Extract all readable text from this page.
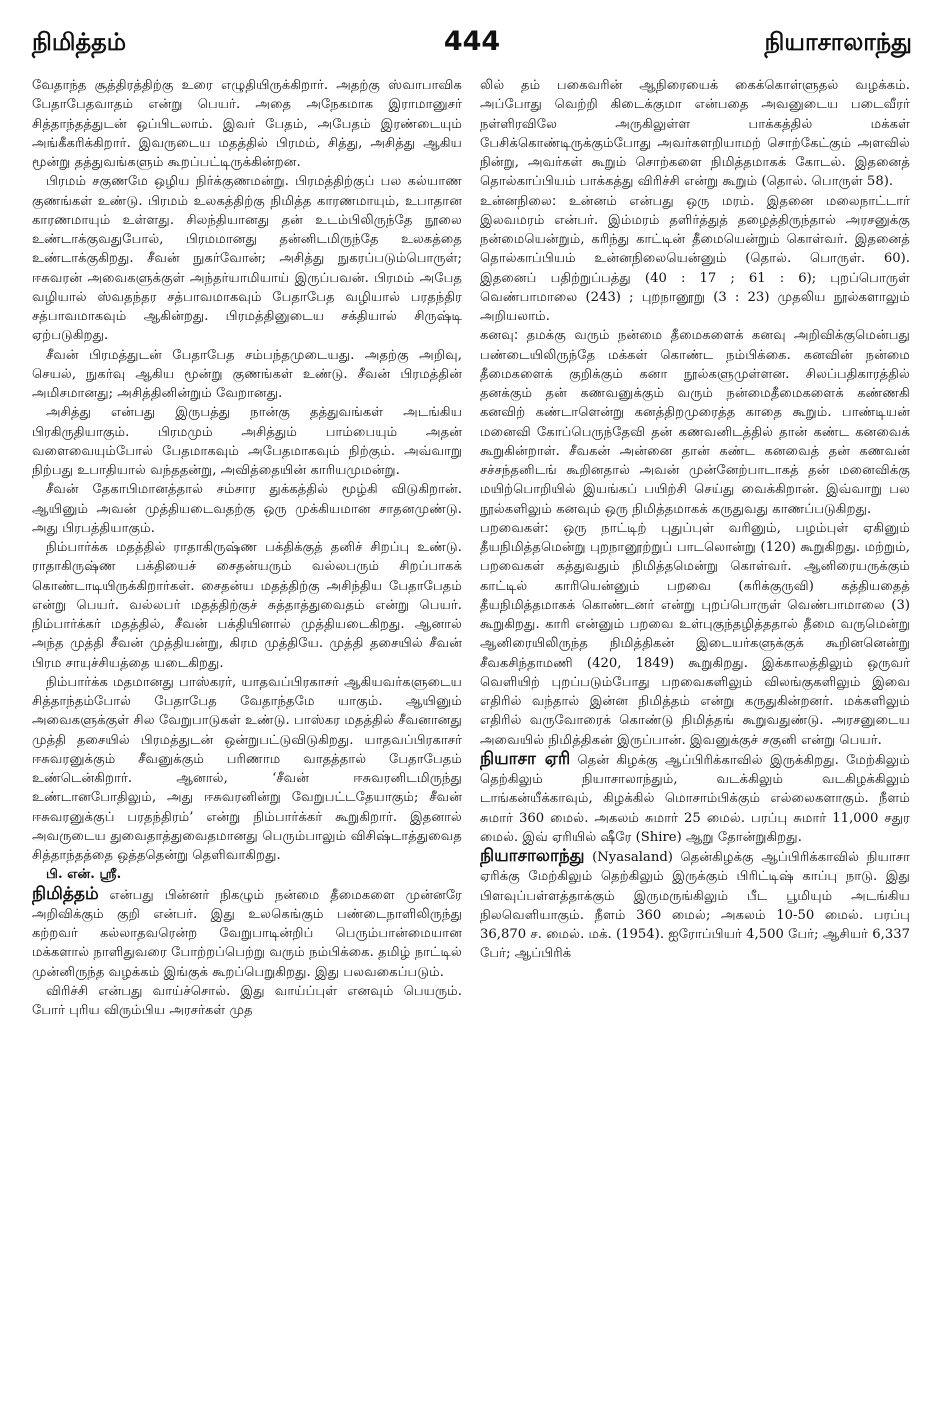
நிமித்தம்	444	நியாசாலாந்து

வேதாந்த சூத்திரத்திற்கு உரை எழுதியிருக்கிறார். அதற்கு ஸ்வாபாவிக பேதாபேதவாதம் என்று பெயர். அதை அநேகமாக இராமானுசர் சித்தாந்தத்துடன் ஒப்பிடலாம். இவர் பேதம், அபேதம் இரண்டையும் அங்கீகரிக்கிறார். இவருடைய மதத்தில் பிரமம், சித்து, அசித்து ஆகிய மூன்று தத்துவங்களும் கூறப்பட்டிருக்கின்றன.

பிரமம் சகுணமே ஒழிய நிர்க்குணமன்று. பிரமத்திற்குப் பல கல்யாண குணங்கள் உண்டு. பிரமம் உலகத்திற்கு நிமித்த காரணமாயும், உபாதான காரணமாயும் உள்ளது. சிலந்தியானது தன் உடம்பிலிருந்தே நூலை உண்டாக்குவதுபோல், பிரமமானது தன்னிடமிருந்தே உலகத்தை உண்டாக்குகிறது. சீவன் நுகர்வோன்; அசித்து நுகரப்படும்பொருள்; ஈசுவரன் அவைகளுக்குள் அந்தர்யாமியாய் இருப்பவன். பிரமம் அபேத வழியால் ஸ்வதந்தர சத்பாவமாகவும் பேதாபேத வழியால் பரதந்திர சத்பாவமாகவும் ஆகின்றது. பிரமத்தினுடைய சக்தியால் சிருஷ்டி ஏற்படுகிறது.

சீவன் பிரமத்துடன் பேதாபேத சம்பந்தமுடையது. அதற்கு அறிவு, செயல், நுகர்வு ஆகிய மூன்று குணங்கள் உண்டு. சீவன் பிரமத்தின் அமிசமானது; அசித்தினின்றும் வேறானது.

அசித்து என்பது இருபத்து நான்கு தத்துவங்கள் அடங்கிய பிரகிருதியாகும். பிரமமும் அசித்தும் பாம்பையும் அதன் வளைவையும்போல் பேதமாகவும் அபேதமாகவும் நிற்கும். அவ்வாறு நிற்பது உபாதியால் வந்ததன்று, அவித்தையின் காரியமுமன்று.

சீவன் தேகாபிமானத்தால் சம்சார துக்கத்தில் மூழ்கி விடுகிறான். ஆயினும் அவன் முத்தியடைவதற்கு ஒரு முக்கியமான சாதனமுண்டு. அது பிரபத்தியாகும்.

நிம்பார்க்க மதத்தில் ராதாகிருஷ்ண பக்திக்குத் தனிச் சிறப்பு உண்டு. ராதாகிருஷ்ண பக்தியைச் சைதன்யரும் வல்லபரும் சிறப்பாகக் கொண்டாடியிருக்கிறார்கள். சைதன்ய மதத்திற்கு அசிந்திய பேதாபேதம் என்று பெயர். வல்லபர் மதத்திற்குச் சுத்தாத்துவைதம் என்று பெயர். நிம்பார்க்கர் மதத்தில், சீவன் பக்தியினால் முத்தியடைகிறது. ஆனால் அந்த முத்தி சீவன் முத்தியன்று, கிரம முத்தியே. முத்தி தசையில் சீவன் பிரம சாயுச்சியத்தை யடைகிறது.

நிம்பார்க்க மதமானது பாஸ்கரர், யாதவப்பிரகாசர் ஆகியவர்களுடைய சித்தாந்தம்போல் பேதாபேத வேதாந்தமே யாகும். ஆயினும் அவைகளுக்குள் சில வேறுபாடுகள் உண்டு. பாஸ்கர மதத்தில் சீவனானது முத்தி தசையில் பிரமத்துடன் ஒன்றுபட்டுவிடுகிறது. யாதவப்பிரகாசர் ஈசுவரனுக்கும் சீவனுக்கும் பரிணாம வாதத்தால் பேதாபேதம் உண்டென்கிறார். ஆனால், ‘சீவன் ஈசுவரனிடமிருந்து உண்டானபோதிலும், அது ஈசுவரனின்று வேறுபட்டதேயாகும்; சீவன் ஈசுவரனுக்குப் பரதந்திரம்’ என்று நிம்பார்க்கர் கூறுகிறார். இதனால் அவருடைய துவைதாத்துவைதமானது பெரும்பாலும் விசிஷ்டாத்துவைத சித்தாந்தத்தை ஒத்ததென்று தெளிவாகிறது.

பி. என். ஸ்ரீ.

நிமித்தம் என்பது பின்னர் நிகழும் நன்மை தீமைகளை முன்னரே அறிவிக்கும் குறி என்பர். இது உலகெங்கும் பண்டைநாளிலிருந்து கற்றவர் கல்லாதவரென்ற வேறுபாடின்றிப் பெரும்பான்மையான மக்களால் நாளிதுவரை போற்றப்பெற்று வரும் நம்பிக்கை. தமிழ் நாட்டில் முன்னிருந்த வழக்கம் இங்குக் கூறப்பெறுகிறது. இது பலவகைப்படும்.

விரிச்சி என்பது வாய்ச்சொல். இது வாய்ப்புள் எனவும் பெயரும். போர் புரிய விரும்பிய அரசர்கள் முத

லில் தம் பகைவரின் ஆநிரையைக் கைக்கொள்ளுதல் வழக்கம். அப்போது வெற்றி கிடைக்குமா என்பதை அவனுடைய படைவீரர் நள்ளிரவிலே அருகிலுள்ள பாக்கத்தில் மக்கள் பேசிக்கொண்டிருக்கும்போது அவர்களறியாமற் சொற்கேட்கும் அளவில் நின்று, அவர்கள் கூறும் சொற்களை நிமித்தமாகக் கோடல். இதனைத் தொல்காப்பியம் பாக்கத்து விரிச்சி என்று கூறும் (தொல். பொருள் 58).

உன்னநிலை: உன்னம் என்பது ஒரு மரம். இதனை மலைநாட்டார் இலவமரம் என்பர். இம்மரம் தளிர்த்துத் தழைத்திருந்தால் அரசனுக்கு நன்மையென்றும், கரிந்து காட்டின் தீமையென்றும் கொள்வர். இதனைத் தொல்காப்பியம் உன்னநிலையென்னும் (தொல். பொருள். 60). இதனைப் பதிற்றுப்பத்து (40 : 17 ; 61 : 6); புறப்பொருள் வெண்பாமாலை (243) ; புறநானூறு (3 : 23) முதலிய நூல்களாலும் அறியலாம்.

கனவு: தமக்கு வரும் நன்மை தீமைகளைக் கனவு அறிவிக்குமென்பது பண்டையிலிருந்தே மக்கள் கொண்ட நம்பிக்கை. கனவின் நன்மை தீமைகளைக் குறிக்கும் கனா நூல்களுமுள்ளன. சிலப்பதிகாரத்தில் தனக்கும் தன் கணவனுக்கும் வரும் நன்மைதீமைகளைக் கண்ணகி கனவிற் கண்டாளென்று கனத்திறமுரைத்த காதை கூறும். பாண்டியன் மனைவி கோப்பெருந்தேவி தன் கணவனிடத்தில் தான் கண்ட கனவைக் கூறுகின்றாள். சீவகன் அன்னை தான் கண்ட கனவைத் தன் கணவன் சச்சந்தனிடங் கூறினதால் அவன் முன்னேற்பாடாகத் தன் மனைவிக்கு மயிற்பொறியில் இயங்கப் பயிற்சி செய்து வைக்கிறான். இவ்வாறு பல நூல்களிலும் கனவும் ஒரு நிமித்தமாகக் கருதுவது காணப்படுகிறது.

பறவைகள்: ஒரு நாட்டிற் புதுப்புள் வரினும், பழம்புள் ஏகினும் தீயநிமித்தமென்று புறநானூற்றுப் பாடலொன்று (120) கூறுகிறது. மற்றும், பறவைகள் கத்துவதும் நிமித்தமென்று கொள்வர். ஆனிரையருக்கும் காட்டில் காரியென்னும் பறவை (கரிக்குருவி) கத்தியதைத் தீயநிமித்தமாகக் கொண்டனர் என்று புறப்பொருள் வெண்பாமாலை (3) கூறுகிறது. காரி என்னும் பறவை உள்புகுந்தழித்ததால் தீமை வருமென்று ஆனிரையிலிருந்த நிமித்திகன் இடையர்களுக்குக் கூறினனென்று சீவகசிந்தாமணி (420, 1849) கூறுகிறது. இக்காலத்திலும் ஒருவர் வெளியிற் புறப்படும்போது பறவைகளிலும் விலங்குகளிலும் இவை எதிரில் வந்தால் இன்ன நிமித்தம் என்று கருதுகின்றனர். மக்களிலும் எதிரில் வருவோரைக் கொண்டு நிமித்தங் கூறுவதுண்டு. அரசனுடைய அவையில் நிமித்திகன் இருப்பான். இவனுக்குச் சகுனி என்று பெயர்.

நியாசா ஏரி தென் கிழக்கு ஆப்பிரிக்காவில் இருக்கிறது. மேற்கிலும் தெற்கிலும் நியாசாலாந்தும், வடக்கிலும் வடகிழக்கிலும் டாங்கன்யீக்காவும், கிழக்கில் மொசாம்பிக்கும் எல்லைகளாகும். நீளம் சுமார் 360 மைல். அகலம் சுமார் 25 மைல். பரப்பு சுமார் 11,000 சதுர மைல். இவ் ஏரியில் ஷீரே (Shire) ஆறு தோன்றுகிறது.

நியாசாலாந்து (Nyasaland) தென்கிழக்கு ஆப்பிரிக்காவில் நியாசா ஏரிக்கு மேற்கிலும் தெற்கிலும் இருக்கும் பிரிட்டிஷ் காப்பு நாடு. இது பிளவுப்பள்ளத்தாக்கும் இருமருங்கிலும் பீட பூமியும் அடங்கிய நிலவெளியாகும். நீளம் 360 மைல்; அகலம் 10-50 மைல். பரப்பு 36,870 ச. மைல். மக். (1954). ஐரோப்பியர் 4,500 பேர்; ஆசியர் 6,337 பேர்; ஆப்பிரிக்
